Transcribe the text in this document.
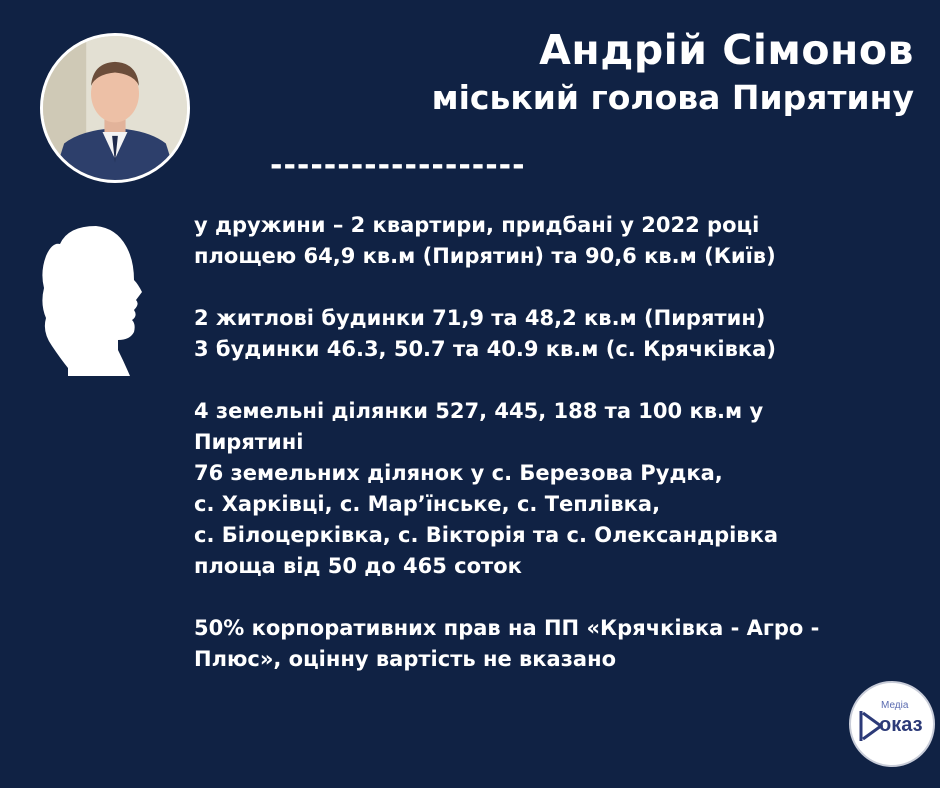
Андрій Сімонов
міський голова Пирятину
-------------------

у дружини – 2 квартири, придбані у 2022 році
площею 64,9 кв.м (Пирятин) та 90,6 кв.м (Київ)

2 житлові будинки 71,9 та 48,2 кв.м (Пирятин)
3 будинки 46.3, 50.7 та 40.9 кв.м (с. Крячківка)

4 земельні ділянки 527, 445, 188 та 100 кв.м у
Пирятині
76 земельних ділянок у с. Березова Рудка,
с. Харківці, с. Мар’їнське, с. Теплівка,
с. Білоцерківка, с. Вікторія та с. Олександрівка
площа від 50 до 465 соток

50% корпоративних прав на ПП «Крячківка - Агро -
Плюс», оцінну вартість не вказано

Медіа
оказ
